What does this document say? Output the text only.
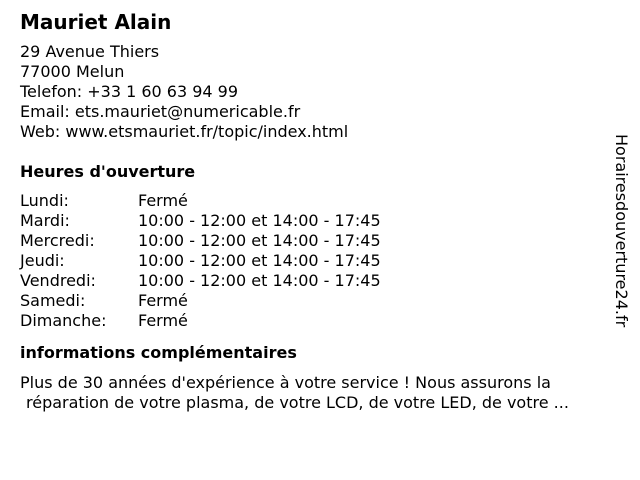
Mauriet Alain
29 Avenue Thiers
77000 Melun
Telefon: +33 1 60 63 94 99
Email: ets.mauriet@numericable.fr
Web: www.etsmauriet.fr/topic/index.html
Heures d'ouverture
Lundi:	Fermé
Mardi:	10:00 - 12:00 et 14:00 - 17:45
Mercredi:	10:00 - 12:00 et 14:00 - 17:45
Jeudi:	10:00 - 12:00 et 14:00 - 17:45
Vendredi:	10:00 - 12:00 et 14:00 - 17:45
Samedi:	Fermé
Dimanche:	Fermé
informations complémentaires
Plus de 30 années d'expérience à votre service ! Nous assurons la
réparation de votre plasma, de votre LCD, de votre LED, de votre ...
Horairesdouverture24.fr
